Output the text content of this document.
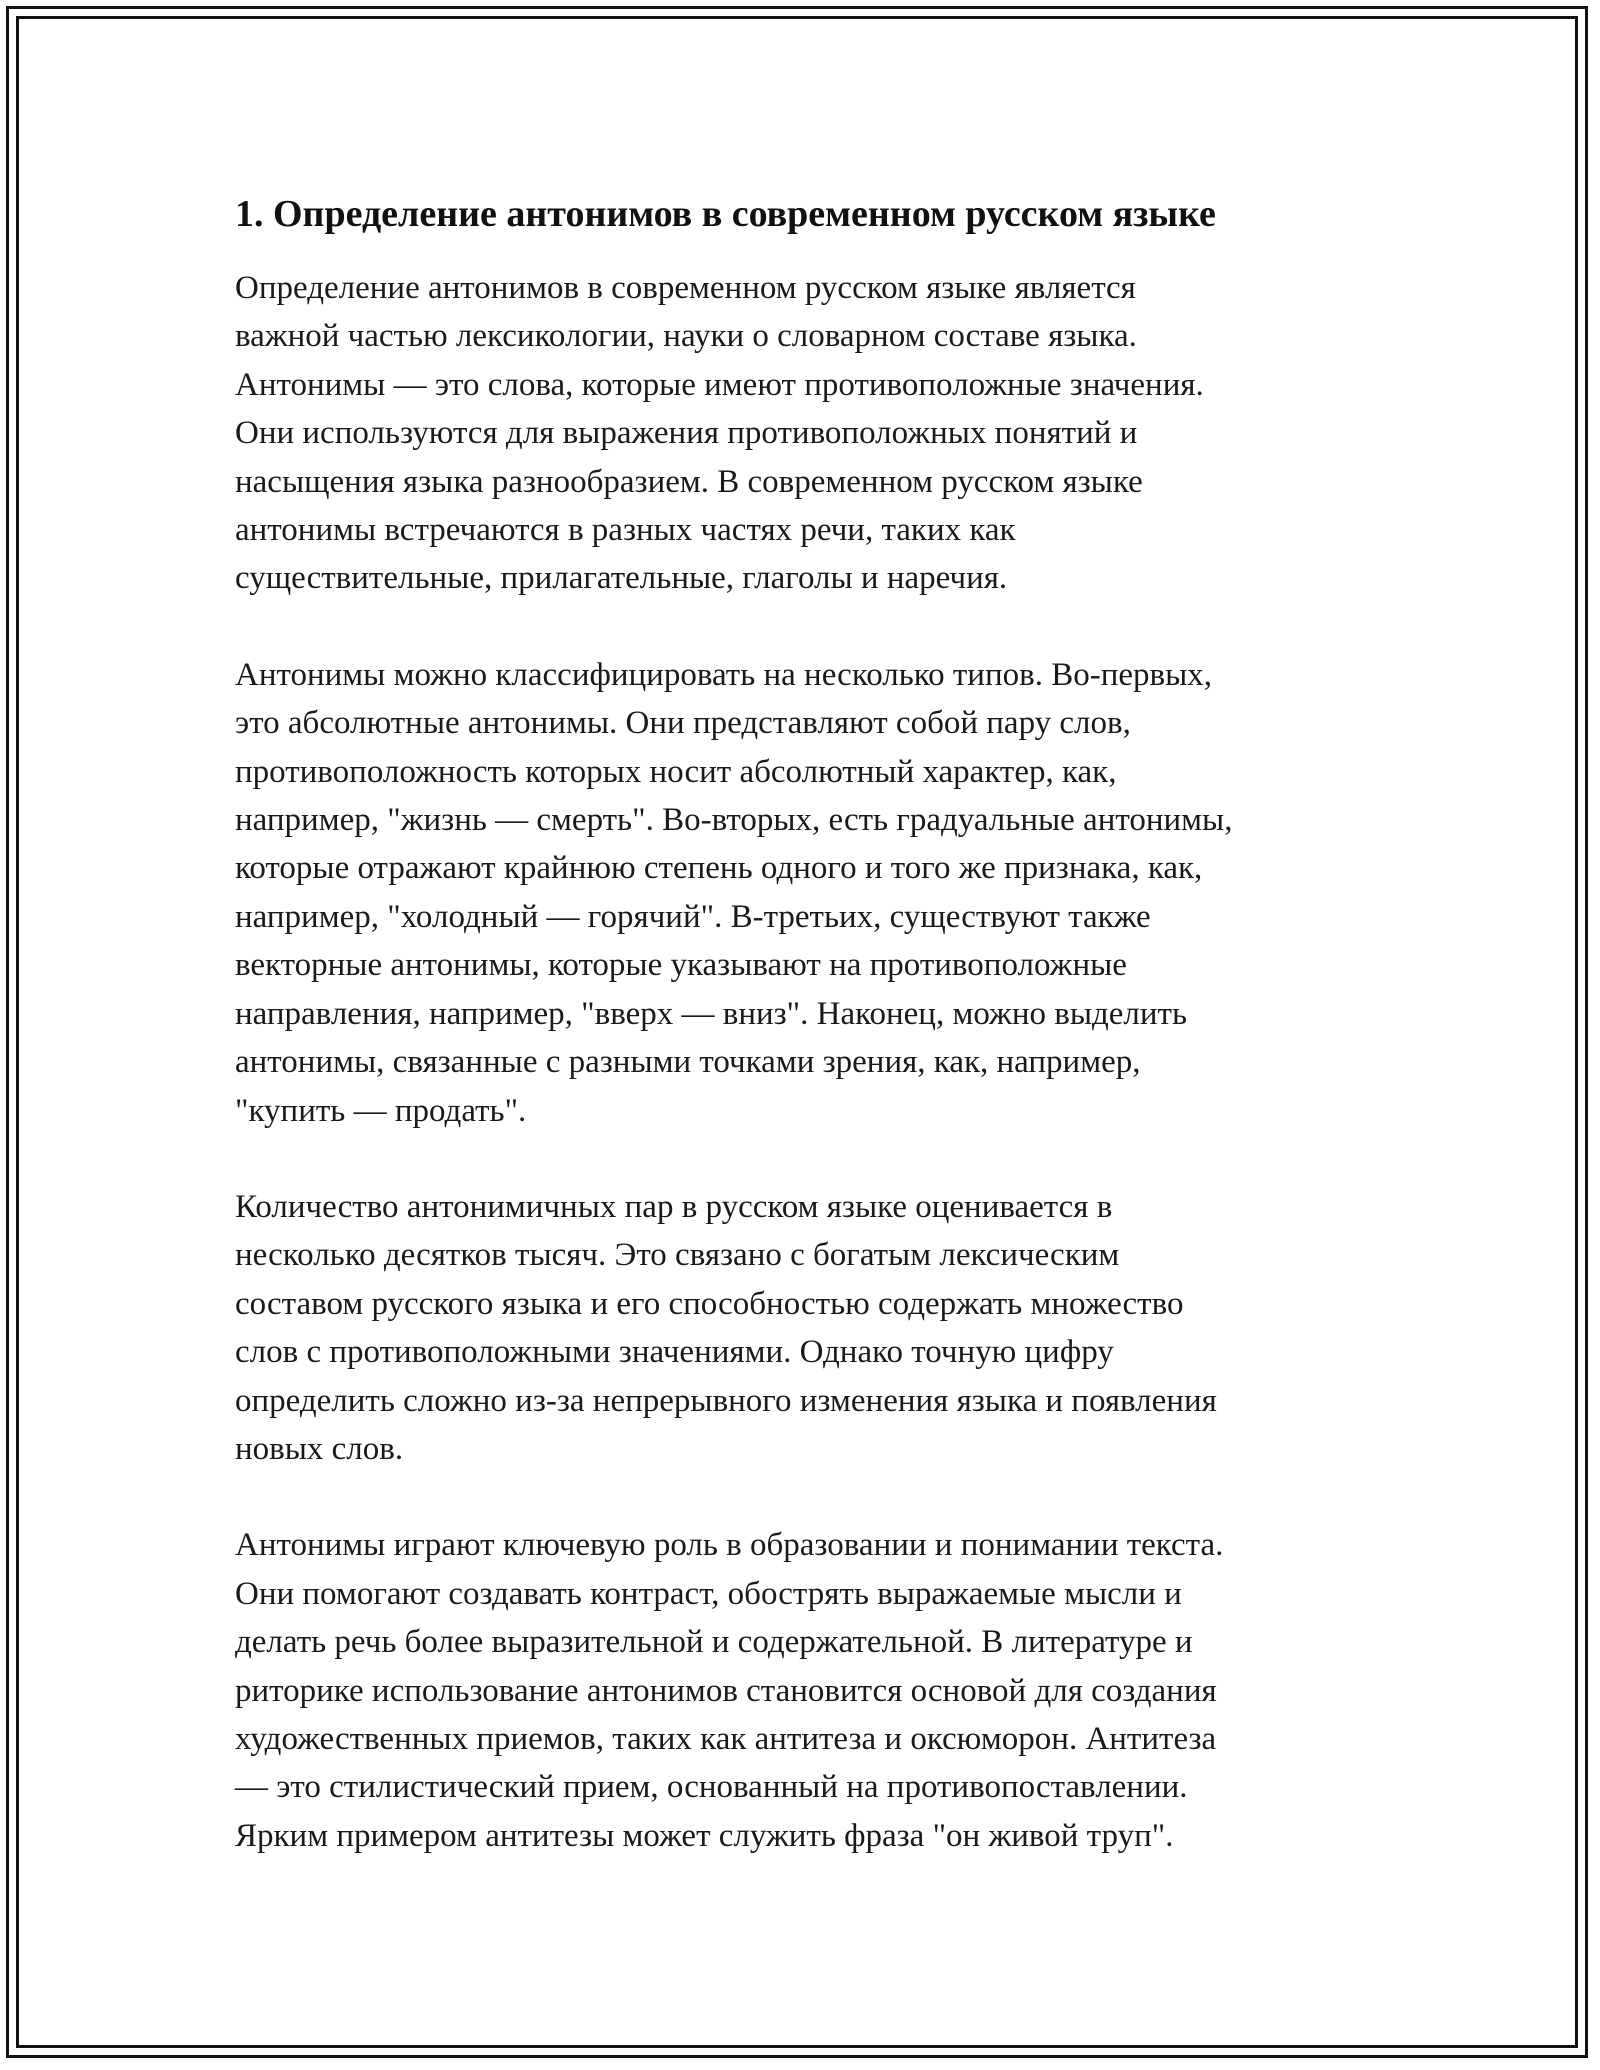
1. Определение антонимов в современном русском языке

Определение антонимов в современном русском языке является
важной частью лексикологии, науки о словарном составе языка.
Антонимы — это слова, которые имеют противоположные значения.
Они используются для выражения противоположных понятий и
насыщения языка разнообразием. В современном русском языке
антонимы встречаются в разных частях речи, таких как
существительные, прилагательные, глаголы и наречия.

Антонимы можно классифицировать на несколько типов. Во-первых,
это абсолютные антонимы. Они представляют собой пару слов,
противоположность которых носит абсолютный характер, как,
например, "жизнь — смерть". Во-вторых, есть градуальные антонимы,
которые отражают крайнюю степень одного и того же признака, как,
например, "холодный — горячий". В-третьих, существуют также
векторные антонимы, которые указывают на противоположные
направления, например, "вверх — вниз". Наконец, можно выделить
антонимы, связанные с разными точками зрения, как, например,
"купить — продать".

Количество антонимичных пар в русском языке оценивается в
несколько десятков тысяч. Это связано с богатым лексическим
составом русского языка и его способностью содержать множество
слов с противоположными значениями. Однако точную цифру
определить сложно из-за непрерывного изменения языка и появления
новых слов.

Антонимы играют ключевую роль в образовании и понимании текста.
Они помогают создавать контраст, обострять выражаемые мысли и
делать речь более выразительной и содержательной. В литературе и
риторике использование антонимов становится основой для создания
художественных приемов, таких как антитеза и оксюморон. Антитеза
— это стилистический прием, основанный на противопоставлении.
Ярким примером антитезы может служить фраза "он живой труп".
